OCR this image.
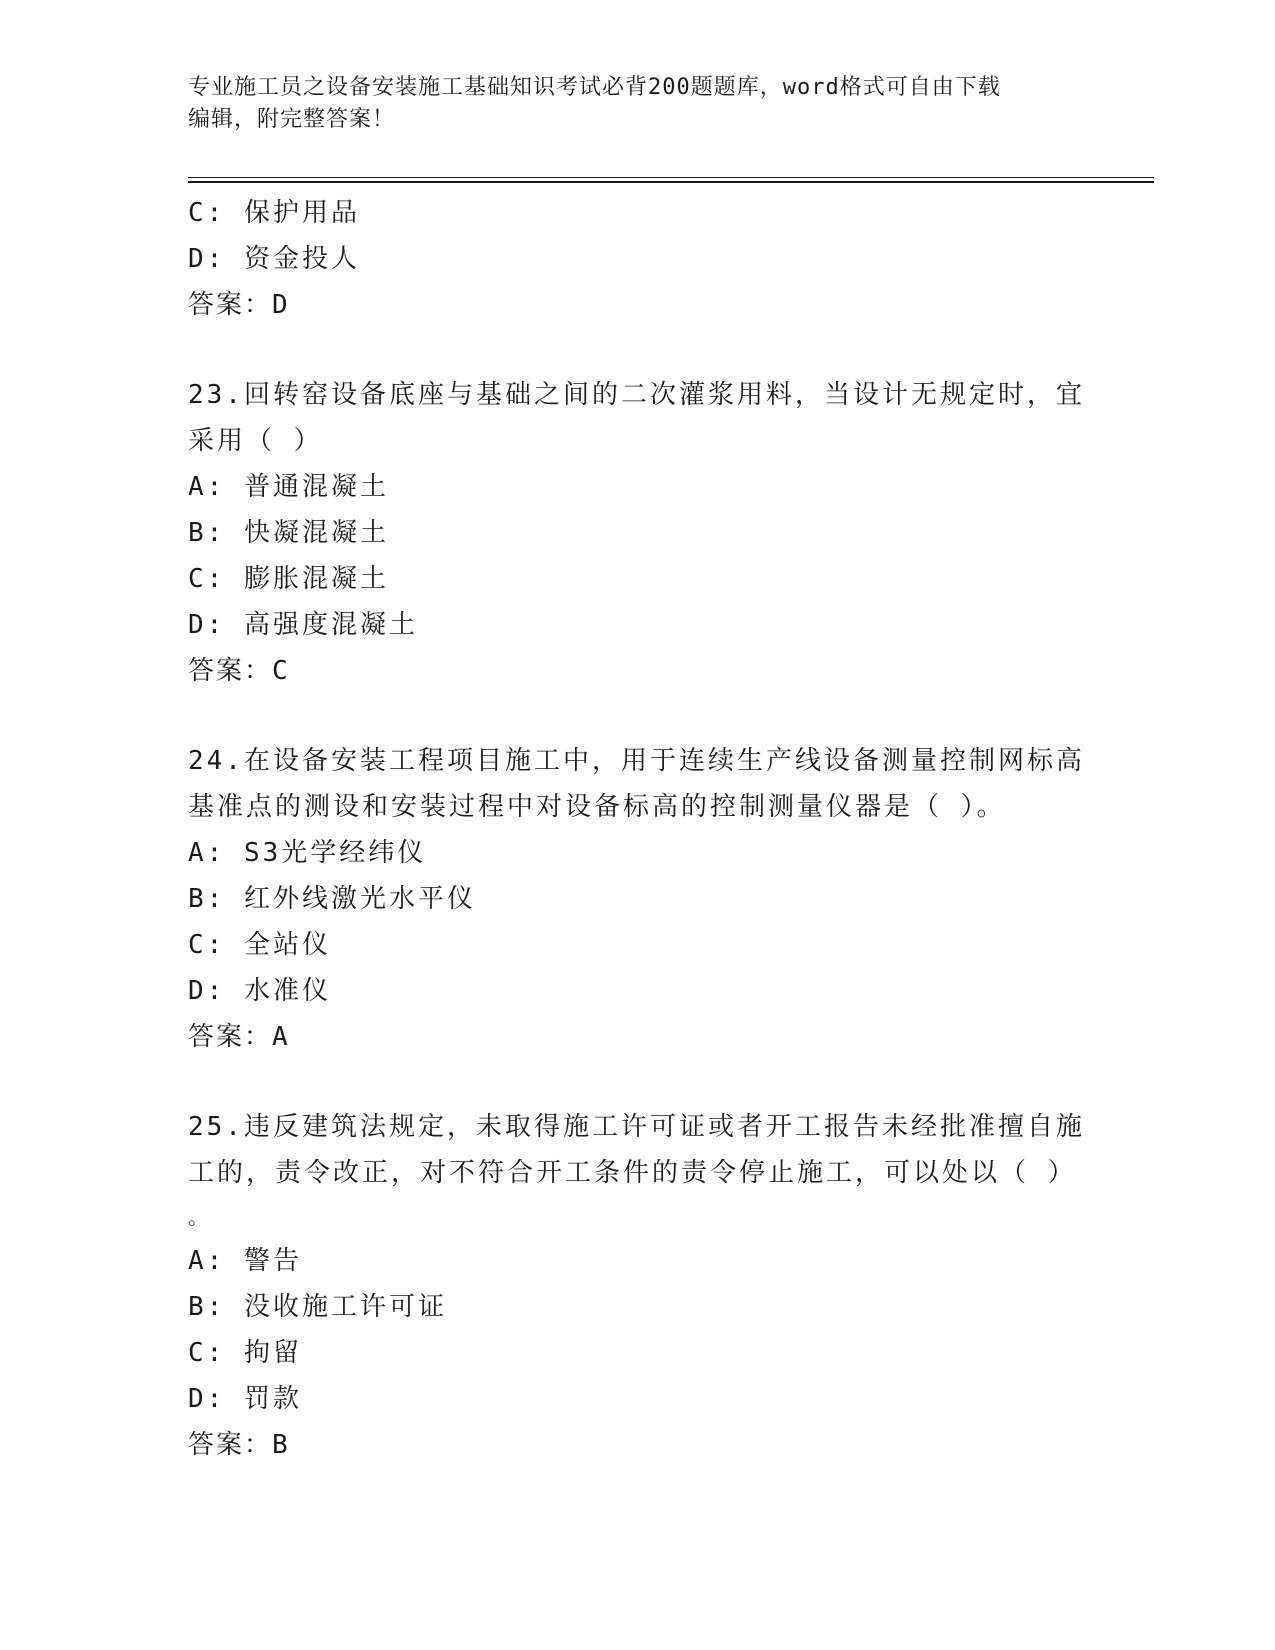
专业施工员之设备安装施工基础知识考试必背200题题库，word格式可自由下载
编辑，附完整答案！
C: 保护用品
D: 资金投人
答案：D
23.回转窑设备底座与基础之间的二次灌浆用料，当设计无规定时，宜
采用（ ）
A: 普通混凝土
B: 快凝混凝土
C: 膨胀混凝土
D: 高强度混凝土
答案：C
24.在设备安装工程项目施工中，用于连续生产线设备测量控制网标高
基准点的测设和安装过程中对设备标高的控制测量仪器是（ ）。
A: S3光学经纬仪
B: 红外线激光水平仪
C: 全站仪
D: 水准仪
答案：A
25.违反建筑法规定，未取得施工许可证或者开工报告未经批准擅自施
工的，责令改正，对不符合开工条件的责令停止施工，可以处以（ ）
。
A: 警告
B: 没收施工许可证
C: 拘留
D: 罚款
答案：B
